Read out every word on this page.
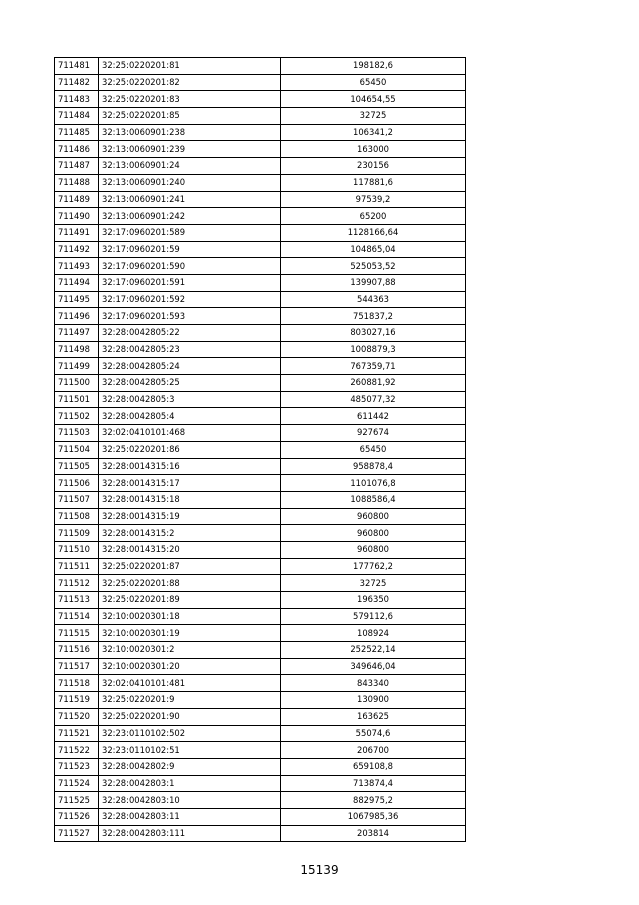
711481	32:25:0220201:81	198182,6
711482	32:25:0220201:82	65450
711483	32:25:0220201:83	104654,55
711484	32:25:0220201:85	32725
711485	32:13:0060901:238	106341,2
711486	32:13:0060901:239	163000
711487	32:13:0060901:24	230156
711488	32:13:0060901:240	117881,6
711489	32:13:0060901:241	97539,2
711490	32:13:0060901:242	65200
711491	32:17:0960201:589	1128166,64
711492	32:17:0960201:59	104865,04
711493	32:17:0960201:590	525053,52
711494	32:17:0960201:591	139907,88
711495	32:17:0960201:592	544363
711496	32:17:0960201:593	751837,2
711497	32:28:0042805:22	803027,16
711498	32:28:0042805:23	1008879,3
711499	32:28:0042805:24	767359,71
711500	32:28:0042805:25	260881,92
711501	32:28:0042805:3	485077,32
711502	32:28:0042805:4	611442
711503	32:02:0410101:468	927674
711504	32:25:0220201:86	65450
711505	32:28:0014315:16	958878,4
711506	32:28:0014315:17	1101076,8
711507	32:28:0014315:18	1088586,4
711508	32:28:0014315:19	960800
711509	32:28:0014315:2	960800
711510	32:28:0014315:20	960800
711511	32:25:0220201:87	177762,2
711512	32:25:0220201:88	32725
711513	32:25:0220201:89	196350
711514	32:10:0020301:18	579112,6
711515	32:10:0020301:19	108924
711516	32:10:0020301:2	252522,14
711517	32:10:0020301:20	349646,04
711518	32:02:0410101:481	843340
711519	32:25:0220201:9	130900
711520	32:25:0220201:90	163625
711521	32:23:0110102:502	55074,6
711522	32:23:0110102:51	206700
711523	32:28:0042802:9	659108,8
711524	32:28:0042803:1	713874,4
711525	32:28:0042803:10	882975,2
711526	32:28:0042803:11	1067985,36
711527	32:28:0042803:111	203814
15139
